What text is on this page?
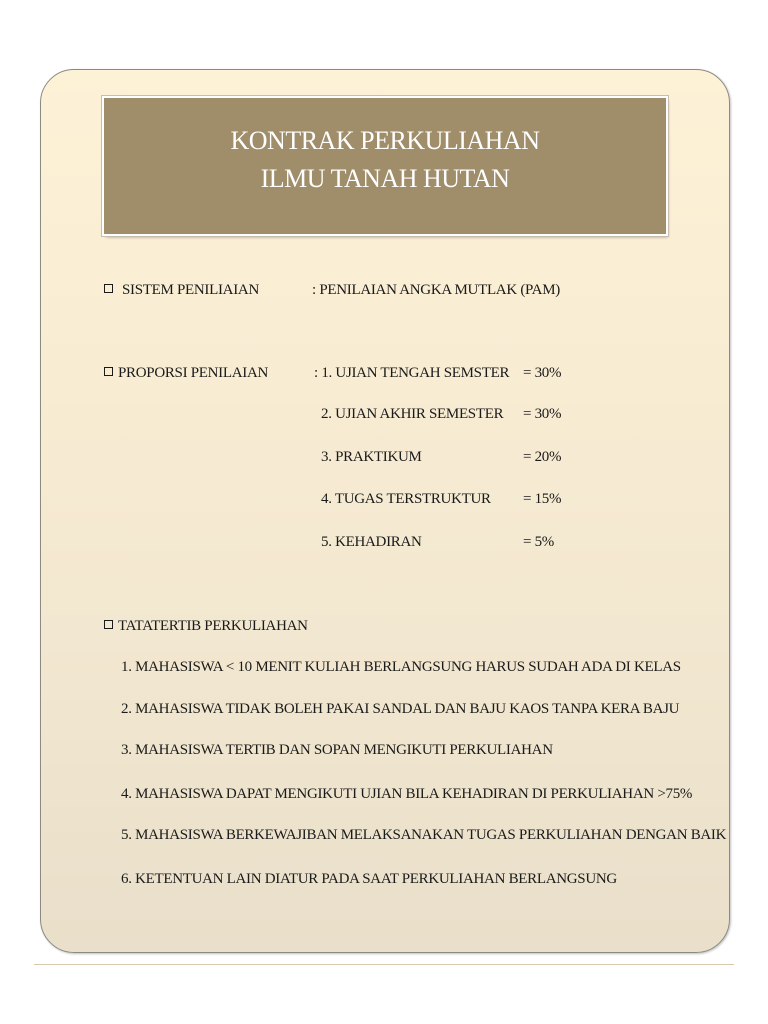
KONTRAK PERKULIAHAN
ILMU TANAH HUTAN
SISTEM PENILIAIAN	: PENILAIAN ANGKA MUTLAK (PAM)
PROPORSI PENILAIAN	: 1. UJIAN TENGAH SEMSTER = 30%
2. UJIAN AKHIR SEMESTER = 30%
3. PRAKTIKUM	= 20%
4. TUGAS TERSTRUKTUR = 15%
5. KEHADIRAN	= 5%
TATATERTIB PERKULIAHAN
1. MAHASISWA < 10 MENIT KULIAH BERLANGSUNG HARUS SUDAH ADA DI KELAS
2. MAHASISWA TIDAK BOLEH PAKAI SANDAL DAN BAJU KAOS TANPA KERA BAJU
3. MAHASISWA TERTIB DAN SOPAN MENGIKUTI PERKULIAHAN
4. MAHASISWA DAPAT MENGIKUTI UJIAN BILA KEHADIRAN DI PERKULIAHAN >75%
5. MAHASISWA BERKEWAJIBAN MELAKSANAKAN TUGAS PERKULIAHAN DENGAN BAIK
6. KETENTUAN LAIN DIATUR PADA SAAT PERKULIAHAN BERLANGSUNG
